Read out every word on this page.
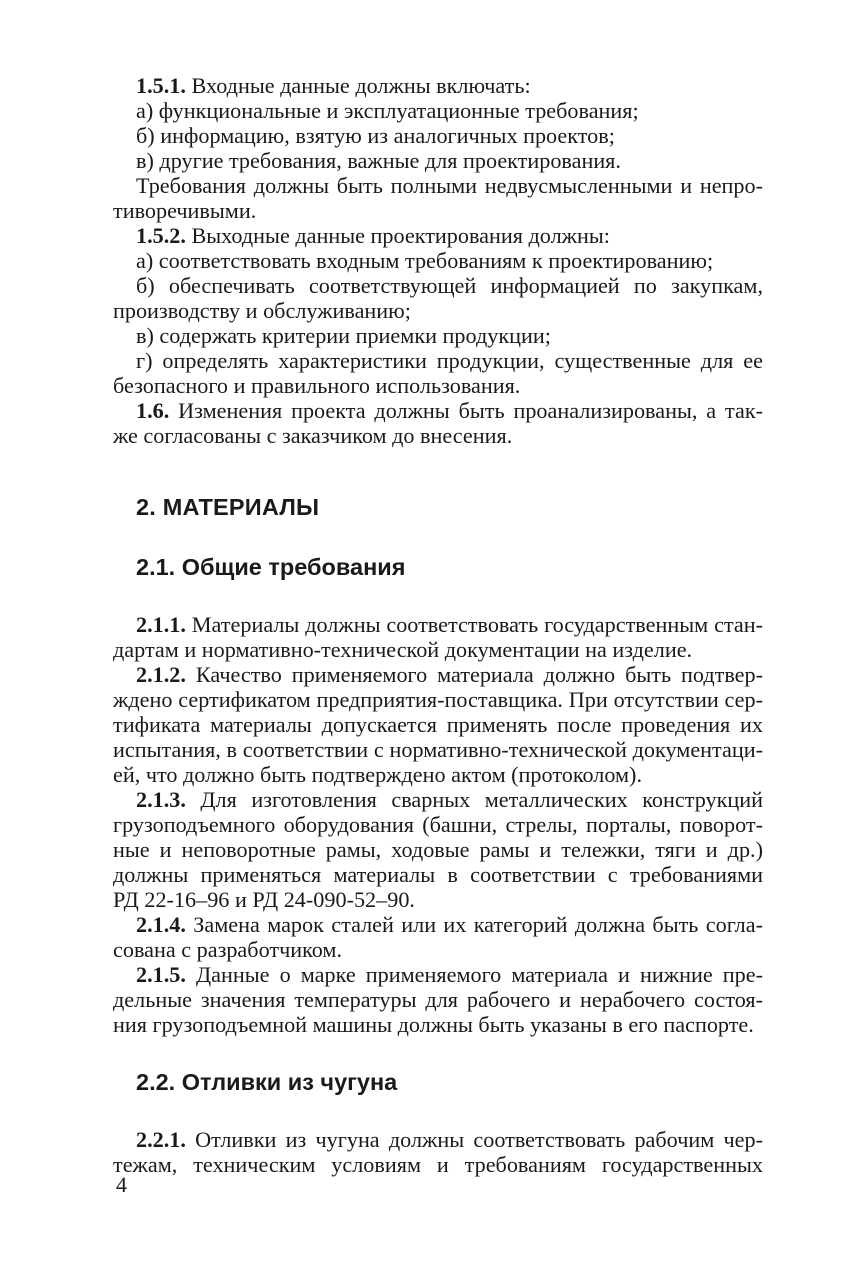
1.5.1. Входные данные должны включать:
а) функциональные и эксплуатационные требования;
б) информацию, взятую из аналогичных проектов;
в) другие требования, важные для проектирования.
Требования должны быть полными недвусмысленными и непро-
тиворечивыми.
1.5.2. Выходные данные проектирования должны:
а) соответствовать входным требованиям к проектированию;
б) обеспечивать соответствующей информацией по закупкам,
производству и обслуживанию;
в) содержать критерии приемки продукции;
г) определять характеристики продукции, существенные для ее
безопасного и правильного использования.
1.6. Изменения проекта должны быть проанализированы, а так-
же согласованы с заказчиком до внесения.
2. МАТЕРИАЛЫ
2.1. Общие требования
2.1.1. Материалы должны соответствовать государственным стан-
дартам и нормативно-технической документации на изделие.
2.1.2. Качество применяемого материала должно быть подтвер-
ждено сертификатом предприятия-поставщика. При отсутствии сер-
тификата материалы допускается применять после проведения их
испытания, в соответствии с нормативно-технической документаци-
ей, что должно быть подтверждено актом (протоколом).
2.1.3. Для изготовления сварных металлических конструкций
грузоподъемного оборудования (башни, стрелы, порталы, поворот-
ные и неповоротные рамы, ходовые рамы и тележки, тяги и др.)
должны применяться материалы в соответствии с требованиями
РД 22-16–96 и РД 24-090-52–90.
2.1.4. Замена марок сталей или их категорий должна быть согла-
сована с разработчиком.
2.1.5. Данные о марке применяемого материала и нижние пре-
дельные значения температуры для рабочего и нерабочего состоя-
ния грузоподъемной машины должны быть указаны в его паспорте.
2.2. Отливки из чугуна
2.2.1. Отливки из чугуна должны соответствовать рабочим чер-
тежам, техническим условиям и требованиям государственных
4
